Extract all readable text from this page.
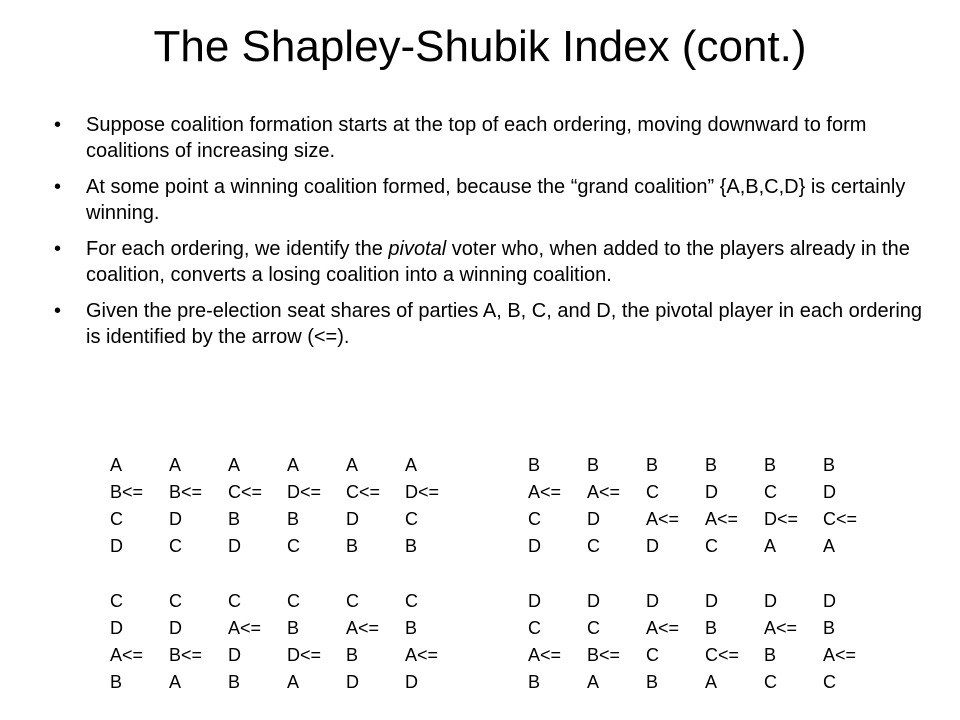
The Shapley-Shubik Index (cont.)
• Suppose coalition formation starts at the top of each ordering, moving downward to form coalitions of increasing size.
• At some point a winning coalition formed, because the “grand coalition” {A,B,C,D} is certainly winning.
• For each ordering, we identify the pivotal voter who, when added to the players already in the coalition, converts a losing coalition into a winning coalition.
• Given the pre-election seat shares of parties A, B, C, and D, the pivotal player in each ordering is identified by the arrow (<=).
A
B<=
C
D
A
B<=
D
C
A
C<=
B
D
A
D<=
B
C
A
C<=
D
B
A
D<=
C
B
B
A<=
C
D
B
A<=
D
C
B
C
A<=
D
B
D
A<=
C
B
C
D<=
A
B
D
C<=
A
C
D
A<=
B
C
D
B<=
A
C
A<=
D
B
C
B
D<=
A
C
A<=
B
D
C
B
A<=
D
D
C
A<=
B
D
C
B<=
A
D
A<=
C
B
D
B
C<=
A
D
A<=
B
C
D
B
A<=
C
